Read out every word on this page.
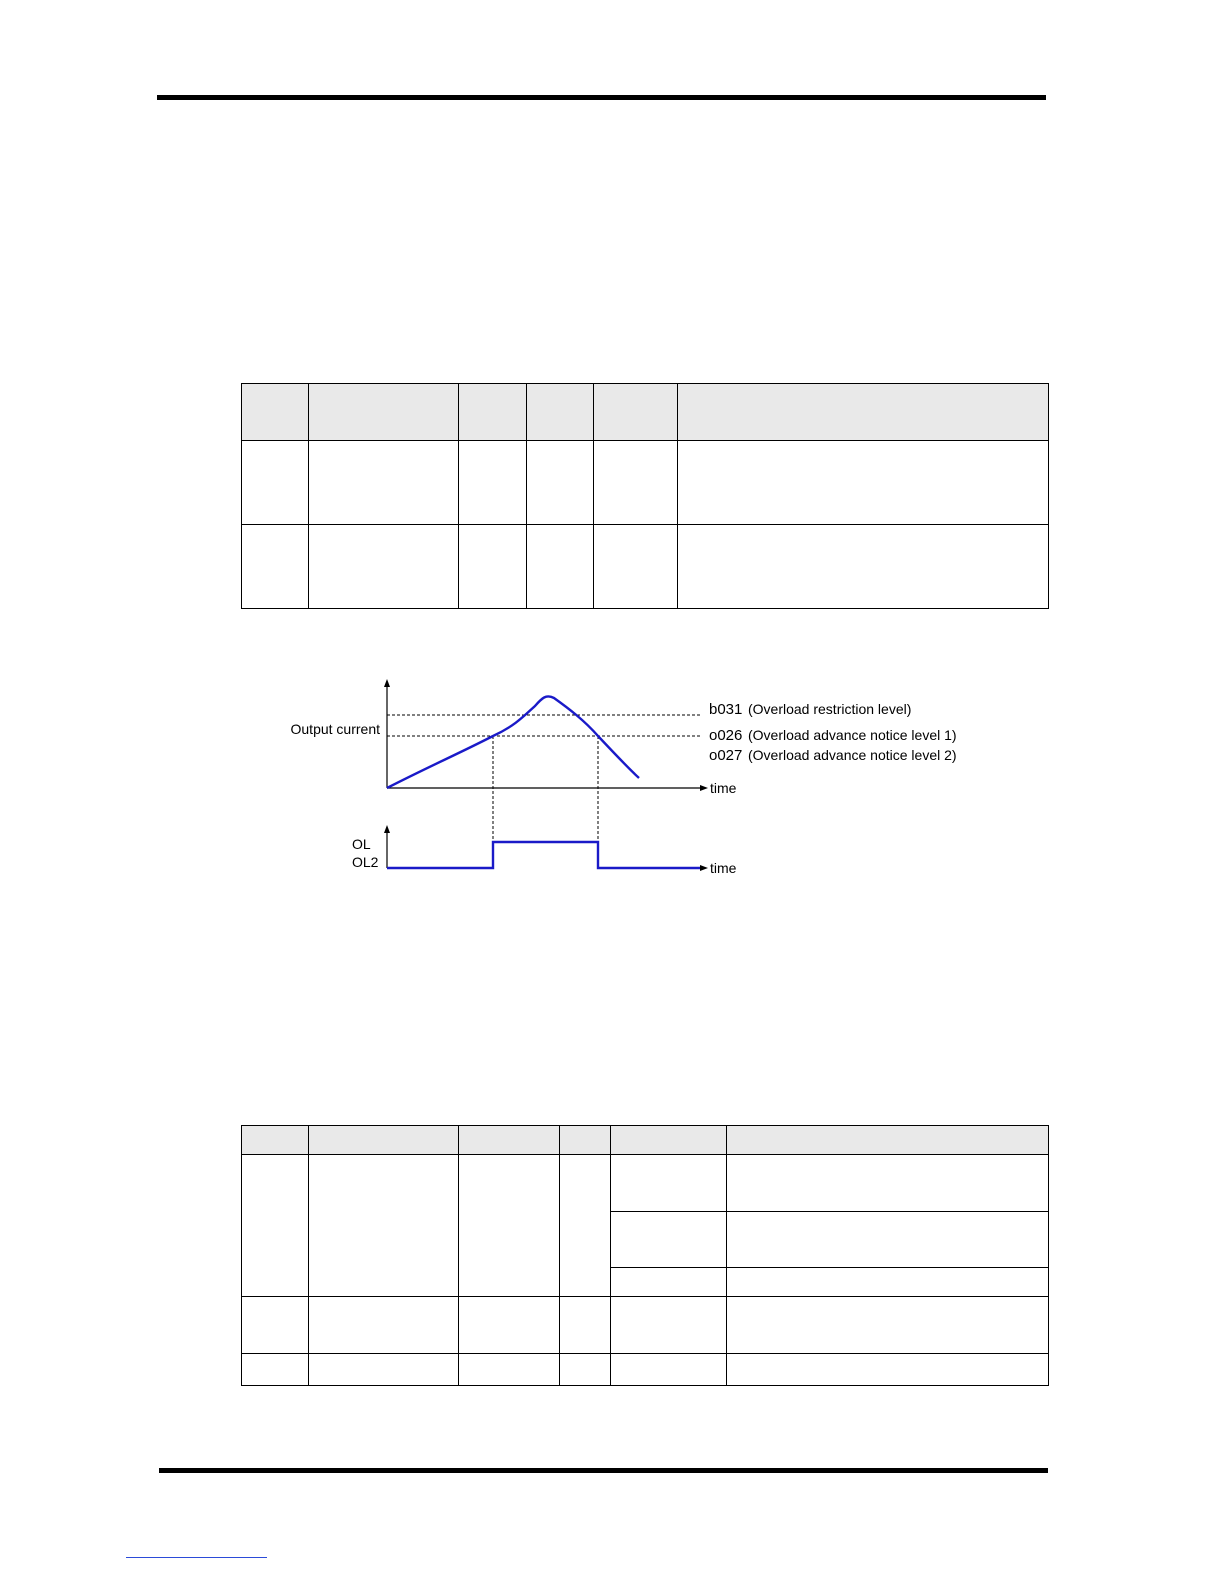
Output current
b031 (Overload restriction level)
o026 (Overload advance notice level 1)
o027 (Overload advance notice level 2)
time
OL
OL2	time
